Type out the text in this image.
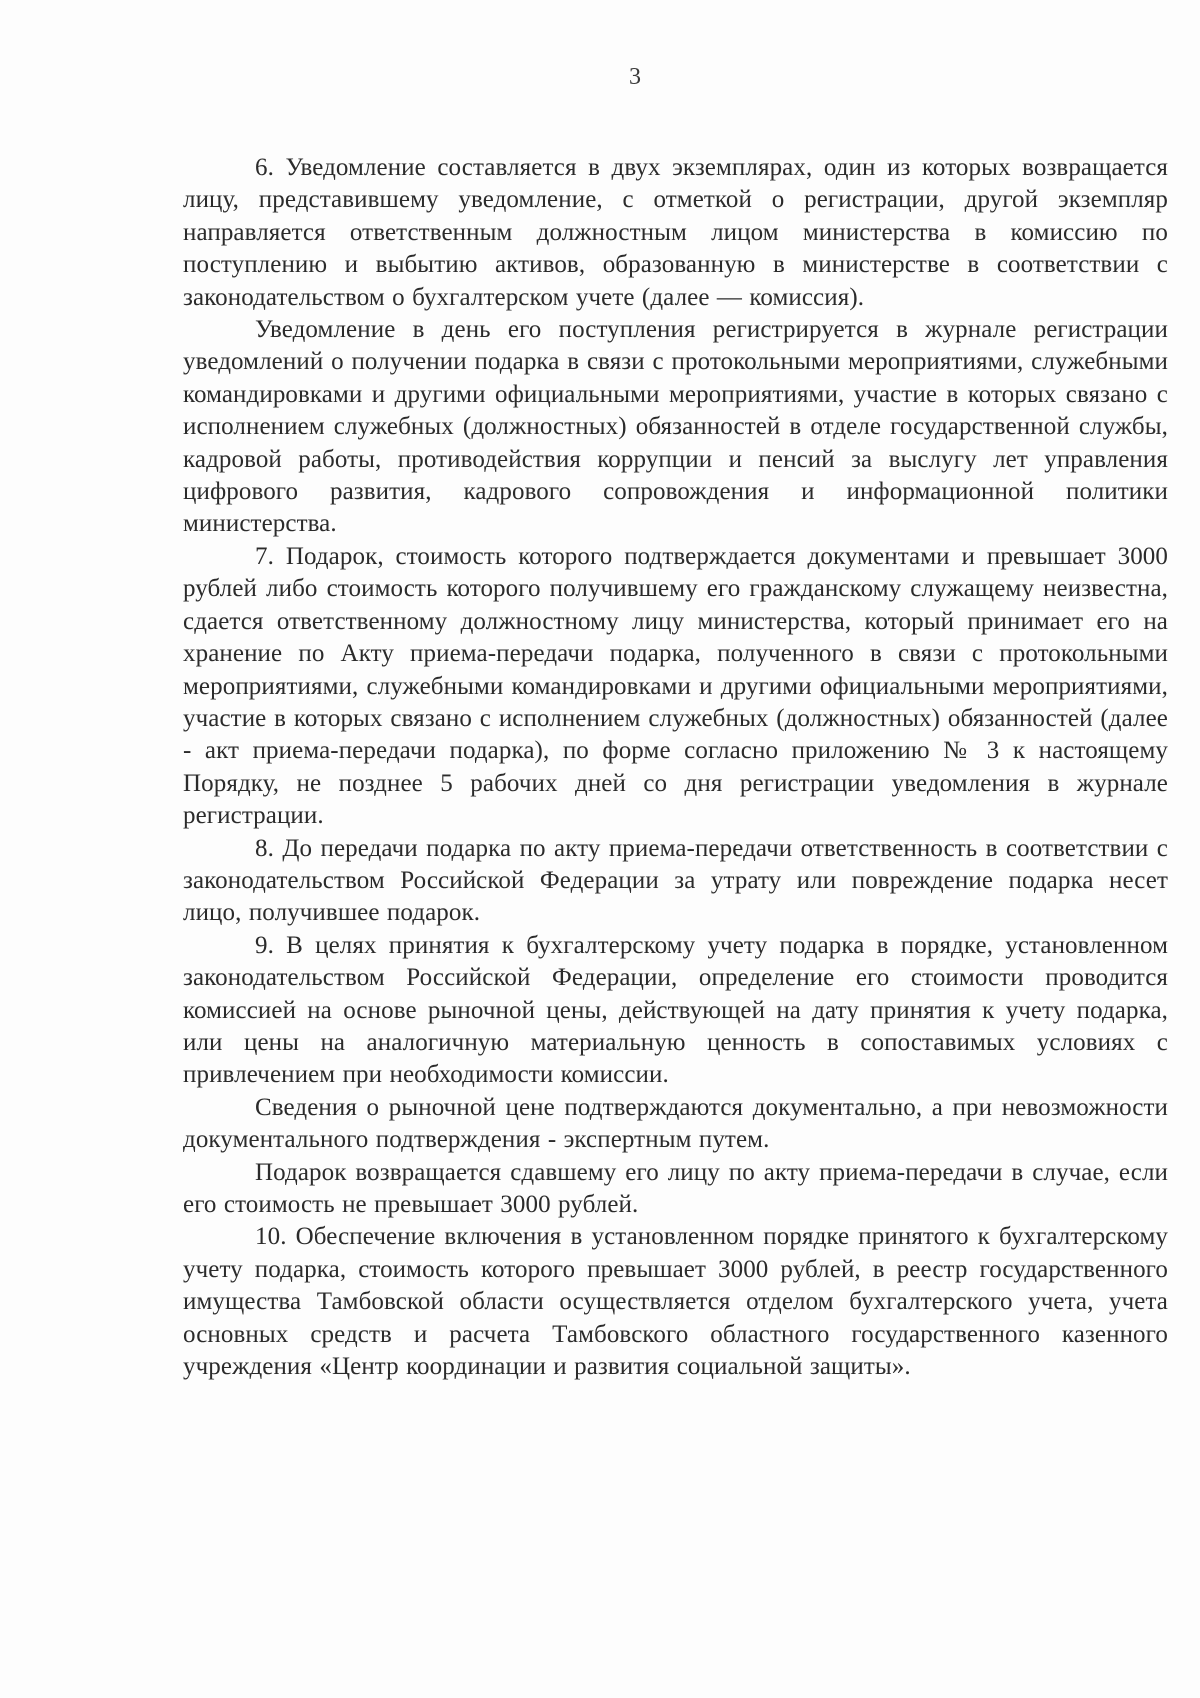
3

6. Уведомление составляется в двух экземплярах, один из которых возвращается лицу, представившему уведомление, с отметкой о регистрации, другой экземпляр направляется ответственным должностным лицом министерства в комиссию по поступлению и выбытию активов, образованную в министерстве в соответствии с законодательством о бухгалтерском учете (далее — комиссия).

Уведомление в день его поступления регистрируется в журнале регистрации уведомлений о получении подарка в связи с протокольными мероприятиями, служебными командировками и другими официальными мероприятиями, участие в которых связано с исполнением служебных (должностных) обязанностей в отделе государственной службы, кадровой работы, противодействия коррупции и пенсий за выслугу лет управления цифрового развития, кадрового сопровождения и информационной политики министерства.

7. Подарок, стоимость которого подтверждается документами и превышает 3000 рублей либо стоимость которого получившему его гражданскому служащему неизвестна, сдается ответственному должностному лицу министерства, который принимает его на хранение по Акту приема-передачи подарка, полученного в связи с протокольными мероприятиями, служебными командировками и другими официальными мероприятиями, участие в которых связано с исполнением служебных (должностных) обязанностей (далее - акт приема-передачи подарка), по форме согласно приложению № 3 к настоящему Порядку, не позднее 5 рабочих дней со дня регистрации уведомления в журнале регистрации.

8. До передачи подарка по акту приема-передачи ответственность в соответствии с законодательством Российской Федерации за утрату или повреждение подарка несет лицо, получившее подарок.

9. В целях принятия к бухгалтерскому учету подарка в порядке, установленном законодательством Российской Федерации, определение его стоимости проводится комиссией на основе рыночной цены, действующей на дату принятия к учету подарка, или цены на аналогичную материальную ценность в сопоставимых условиях с привлечением при необходимости комиссии.

Сведения о рыночной цене подтверждаются документально, а при невозможности документального подтверждения - экспертным путем.

Подарок возвращается сдавшему его лицу по акту приема-передачи в случае, если его стоимость не превышает 3000 рублей.

10. Обеспечение включения в установленном порядке принятого к бухгалтерскому учету подарка, стоимость которого превышает 3000 рублей, в реестр государственного имущества Тамбовской области осуществляется отделом бухгалтерского учета, учета основных средств и расчета Тамбовского областного государственного казенного учреждения «Центр координации и развития социальной защиты».
